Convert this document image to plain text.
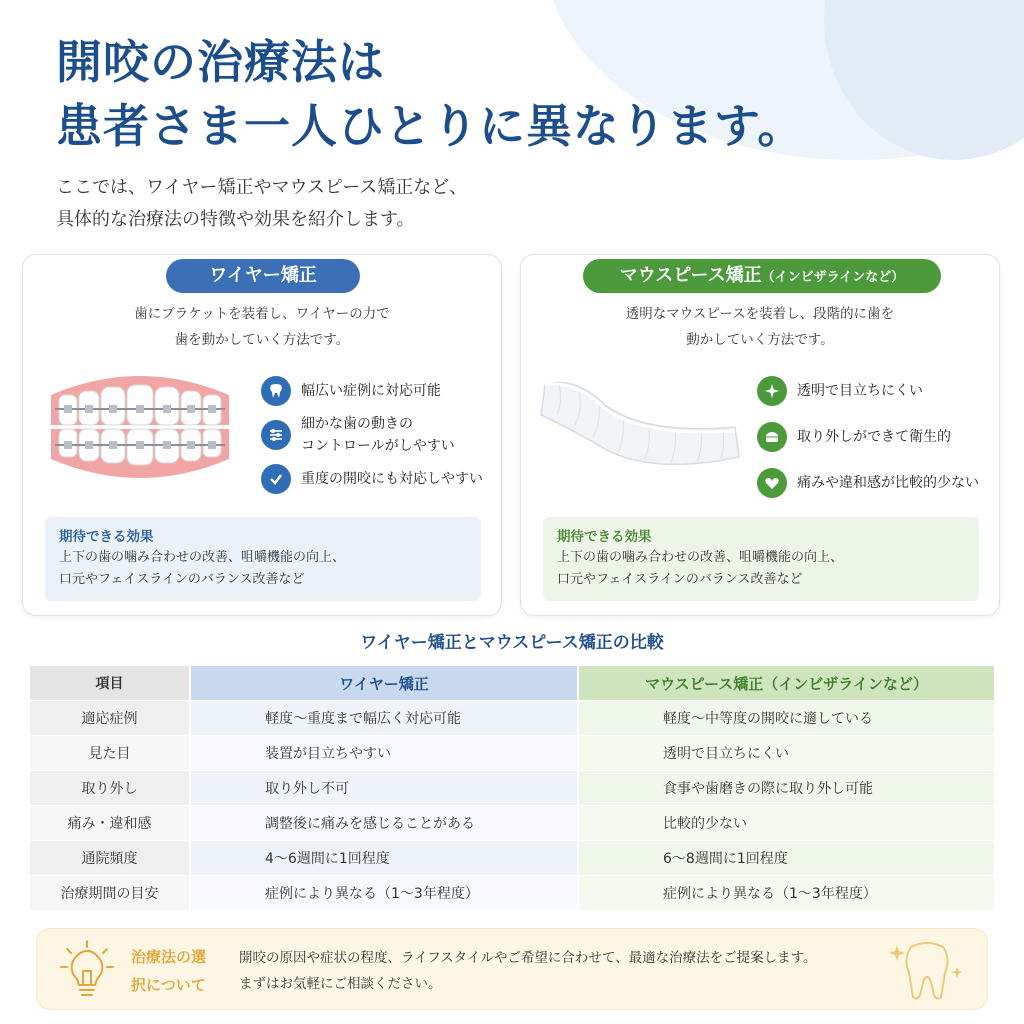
開咬の治療法は
患者さま一人ひとりに異なります。

ここでは、ワイヤー矯正やマウスピース矯正など、
具体的な治療法の特徴や効果を紹介します。

ワイヤー矯正
歯にブラケットを装着し、ワイヤーの力で
歯を動かしていく方法です。
幅広い症例に対応可能
細かな歯の動きの
コントロールがしやすい
重度の開咬にも対応しやすい
期待できる効果
上下の歯の噛み合わせの改善、咀嚼機能の向上、
口元やフェイスラインのバランス改善など
マウスピース矯正（インビザラインなど）
透明なマウスピースを装着し、段階的に歯を
動かしていく方法です。
透明で目立ちにくい
取り外しができて衛生的
痛みや違和感が比較的少ない
期待できる効果
上下の歯の噛み合わせの改善、咀嚼機能の向上、
口元やフェイスラインのバランス改善など
ワイヤー矯正とマウスピース矯正の比較
項目	ワイヤー矯正	マウスピース矯正（インビザラインなど）
適応症例	軽度〜重度まで幅広く対応可能	軽度〜中等度の開咬に適している
見た目	装置が目立ちやすい	透明で目立ちにくい
取り外し	取り外し不可	食事や歯磨きの際に取り外し可能
痛み・違和感	調整後に痛みを感じることがある	比較的少ない
通院頻度	4〜6週間に1回程度	6〜8週間に1回程度
治療期間の目安	症例により異なる（1〜3年程度）	症例により異なる（1〜3年程度）
治療法の選
択について
開咬の原因や症状の程度、ライフスタイルやご希望に合わせて、最適な治療法をご提案します。
まずはお気軽にご相談ください。
